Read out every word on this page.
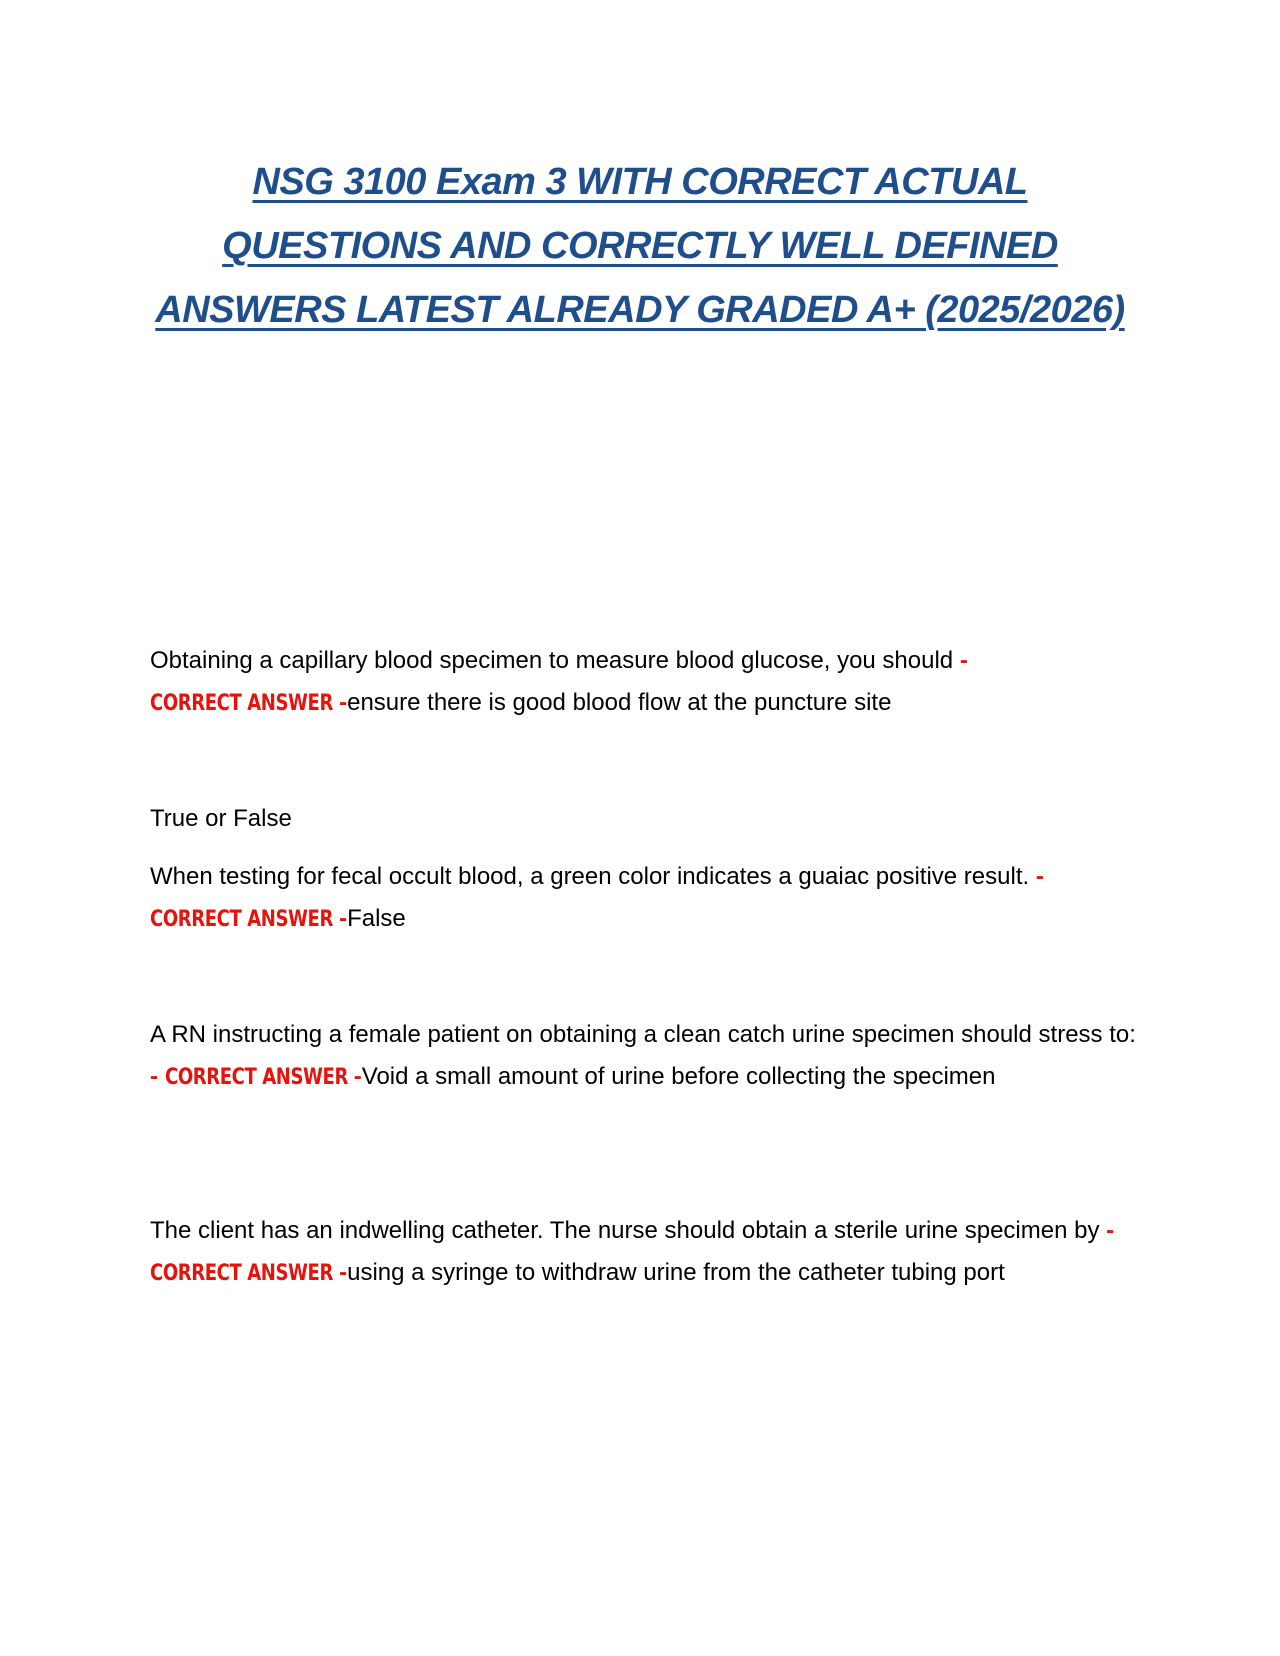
NSG 3100 Exam 3 WITH CORRECT ACTUAL QUESTIONS AND CORRECTLY WELL DEFINED ANSWERS LATEST ALREADY GRADED A+ (2025/2026)

Obtaining a capillary blood specimen to measure blood glucose, you should - CORRECT ANSWER -ensure there is good blood flow at the puncture site

True or False

When testing for fecal occult blood, a green color indicates a guaiac positive result. - CORRECT ANSWER -False

A RN instructing a female patient on obtaining a clean catch urine specimen should stress to: - CORRECT ANSWER -Void a small amount of urine before collecting the specimen

The client has an indwelling catheter. The nurse should obtain a sterile urine specimen by - CORRECT ANSWER -using a syringe to withdraw urine from the catheter tubing port
